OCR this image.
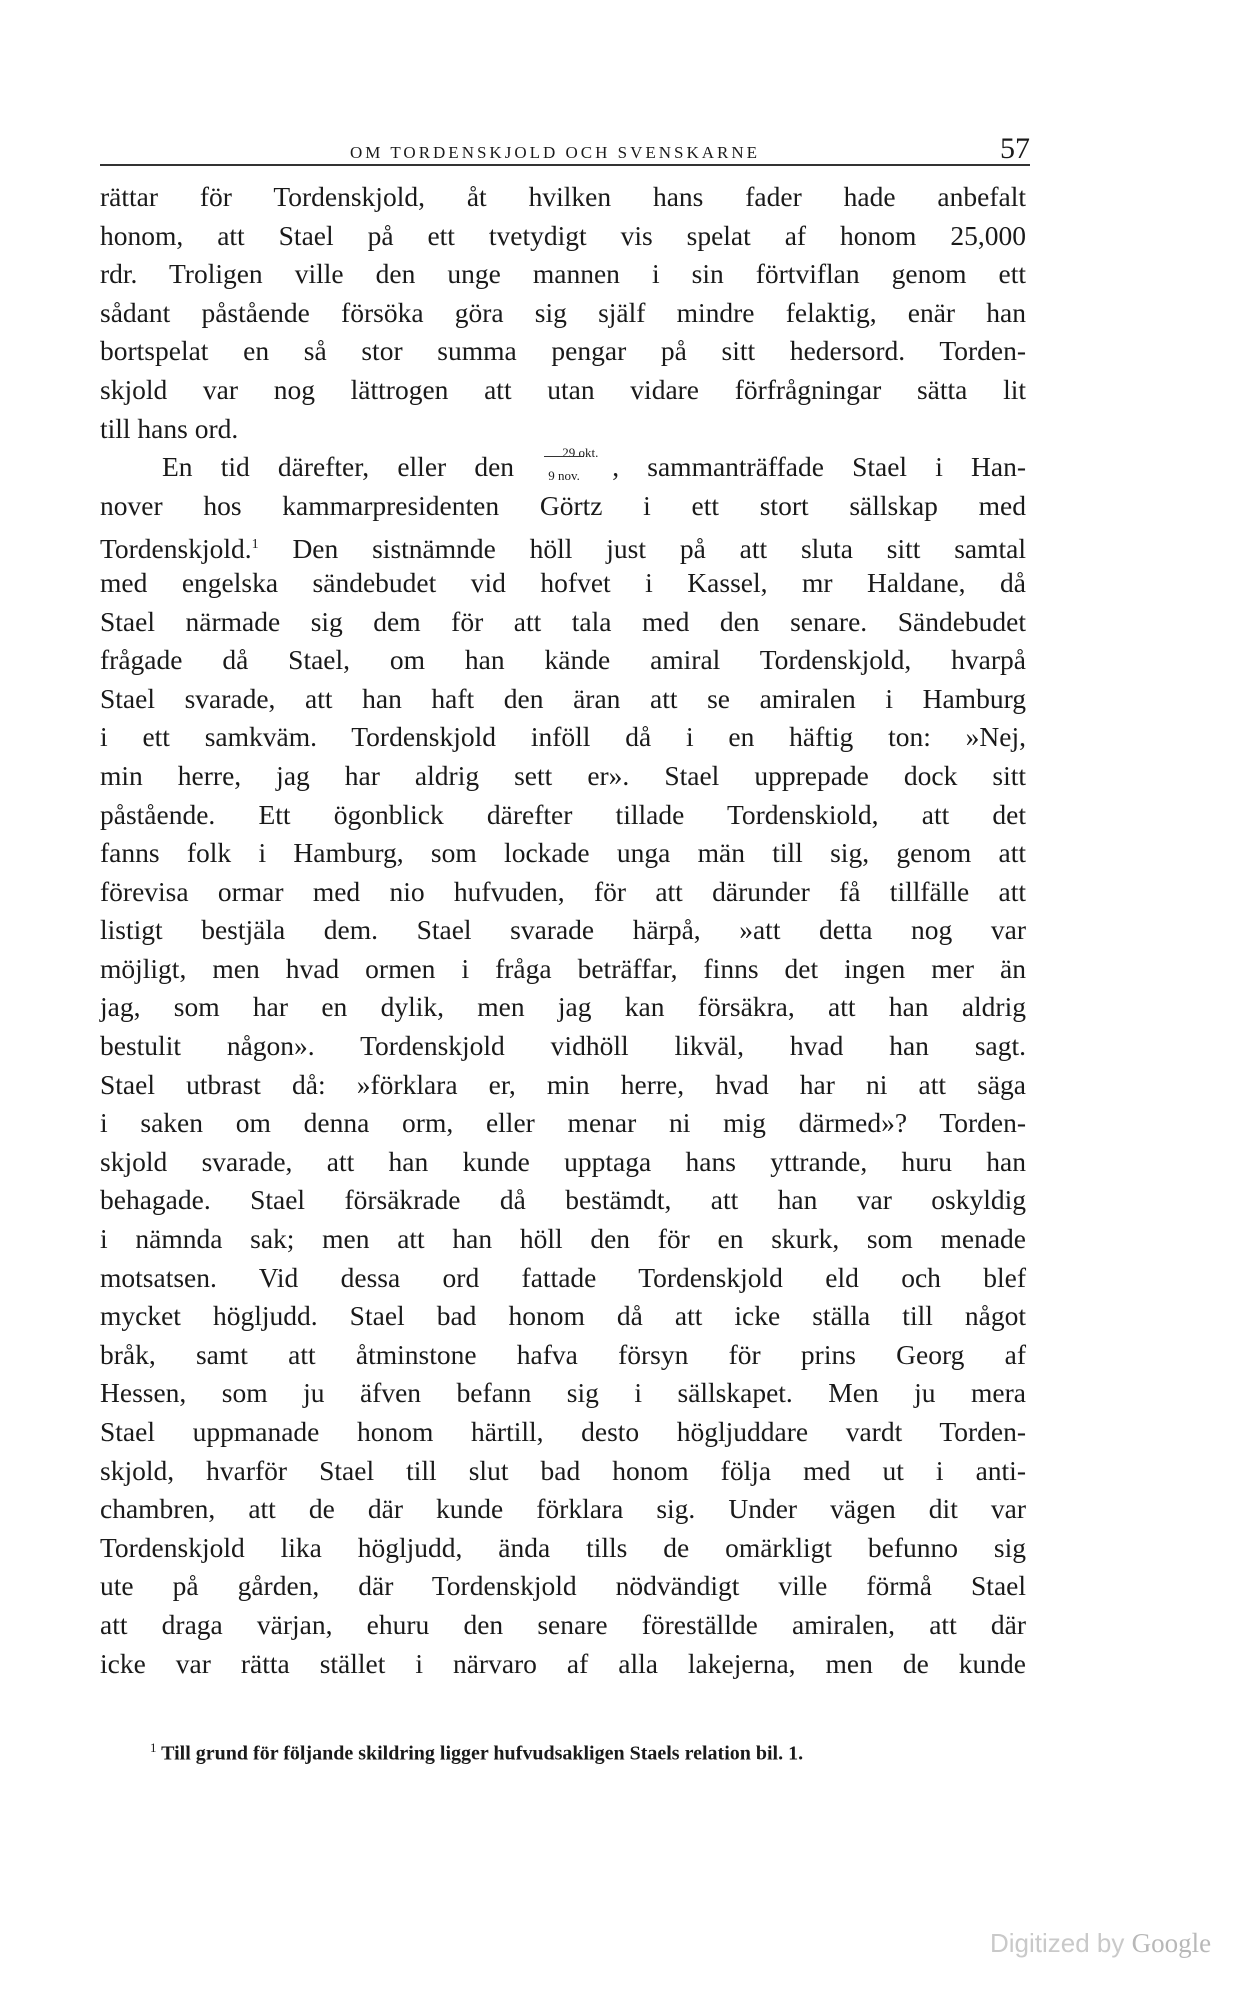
OM TORDENSKJOLD OCH SVENSKARNE	57
rättar för Tordenskjold, åt hvilken hans fader hade anbefalt
honom, att Stael på ett tvetydigt vis spelat af honom 25,000
rdr. Troligen ville den unge mannen i sin förtviflan genom ett
sådant påstående försöka göra sig själf mindre felaktig, enär han
bortspelat en så stor summa pengar på sitt hedersord. Torden-
skjold var nog lättrogen att utan vidare förfrågningar sätta lit
till hans ord.
En tid därefter, eller den	29 okt.
9 nov. , sammanträffade Stael i Han-
nover hos kammarpresidenten Görtz i ett stort sällskap med
Tordenskjold.$^1$ Den sistnämnde höll just på att sluta sitt samtal
med engelska sändebudet vid hofvet i Kassel, mr Haldane, då
Stael närmade sig dem för att tala med den senare. Sändebudet
frågade då Stael, om han kände amiral Tordenskjold, hvarpå
Stael svarade, att han haft den äran att se amiralen i Hamburg
i ett samkväm. Tordenskjold inföll då i en häftig ton: »Nej,
min herre, jag har aldrig sett er». Stael upprepade dock sitt
påstående. Ett ögonblick därefter tillade Tordenskiold, att det
fanns folk i Hamburg, som lockade unga män till sig, genom att
förevisa ormar med nio hufvuden, för att därunder få tillfälle att
listigt bestjäla dem. Stael svarade härpå, »att detta nog var
möjligt, men hvad ormen i fråga beträffar, finns det ingen mer än
jag, som har en dylik, men jag kan försäkra, att han aldrig
bestulit någon». Tordenskjold vidhöll likväl, hvad han sagt.
Stael utbrast då: »förklara er, min herre, hvad har ni att säga
i saken om denna orm, eller menar ni mig därmed»? Torden-
skjold svarade, att han kunde upptaga hans yttrande, huru han
behagade. Stael försäkrade då bestämdt, att han var oskyldig
i nämnda sak; men att han höll den för en skurk, som menade
motsatsen. Vid dessa ord fattade Tordenskjold eld och blef
mycket högljudd. Stael bad honom då att icke ställa till något
bråk, samt att åtminstone hafva försyn för prins Georg af
Hessen, som ju äfven befann sig i sällskapet. Men ju mera
Stael uppmanade honom härtill, desto högljuddare vardt Torden-
skjold, hvarför Stael till slut bad honom följa med ut i anti-
chambren, att de där kunde förklara sig. Under vägen dit var
Tordenskjold lika högljudd, ända tills de omärkligt befunno sig
ute på gården, där Tordenskjold nödvändigt ville förmå Stael
att draga värjan, ehuru den senare föreställde amiralen, att där
icke var rätta stället i närvaro af alla lakejerna, men de kunde
$^1$ Till grund för följande skildring ligger hufvudsakligen Staels relation bil. 1.
Digitized by Google
